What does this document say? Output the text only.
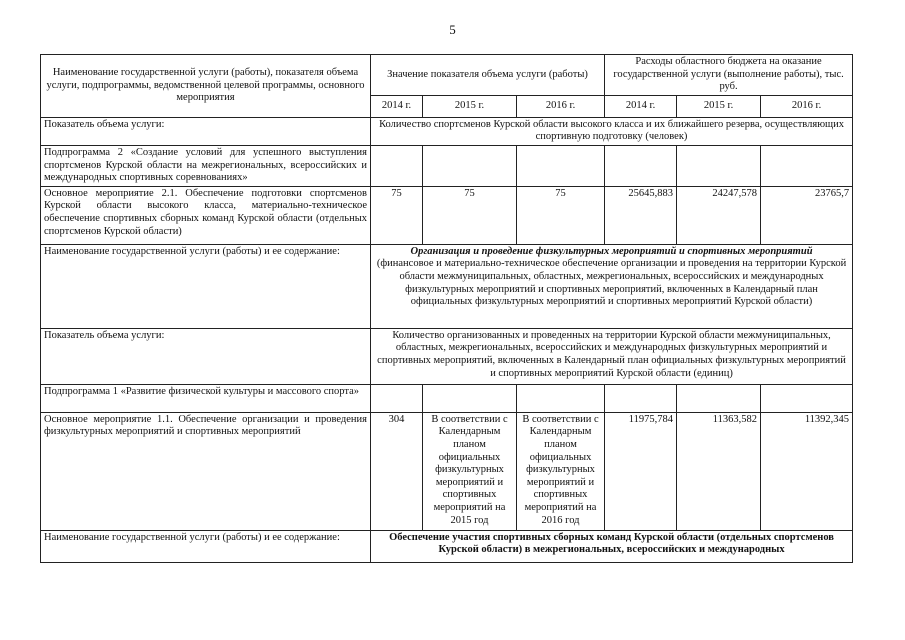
5
Наименование государственной услуги (работы), показателя объема услуги, подпрограммы, ведомственной целевой программы, основного мероприятия	Значение показателя объема услуги (работы)			Расходы областного бюджета на оказание государственной услуги (выполнение работы), тыс. руб.		
	2014 г.	2015 г.	2016 г.	2014 г.	2015 г.	2016 г.
Показатель объема услуги:	Количество спортсменов Курской области высокого класса и их ближайшего резерва, осуществляющих спортивную подготовку (человек)					
Подпрограмма 2 «Создание условий для успешного выступления спортсменов Курской области на межрегиональных, всероссийских и международных спортивных соревнованиях»						
Основное мероприятие 2.1. Обеспечение подготовки спортсменов Курской области высокого класса, материально-техническое обеспечение спортивных сборных команд Курской области (отдельных спортсменов Курской области)	75	75	75	25645,883	24247,578	23765,7
Наименование государственной услуги (работы) и ее содержание:	Организация и проведение физкультурных мероприятий и спортивных мероприятий
(финансовое и материально-техническое обеспечение организации и проведения на территории Курской области межмуниципальных, областных, межрегиональных, всероссийских и международных физкультурных мероприятий и спортивных мероприятий, включенных в Календарный план официальных физкультурных мероприятий и спортивных мероприятий Курской области)					
Показатель объема услуги:	Количество организованных и проведенных на территории Курской области межмуниципальных, областных, межрегиональных, всероссийских и международных физкультурных мероприятий и спортивных мероприятий, включенных в Календарный план официальных физкультурных мероприятий и спортивных мероприятий Курской области (единиц)					
Подпрограмма 1 «Развитие физической культуры и массового спорта»						
Основное мероприятие 1.1. Обеспечение организации и проведения физкультурных мероприятий и спортивных мероприятий	304	В соответствии с Календарным планом официальных физкультурных мероприятий и спортивных мероприятий на 2015 год	В соответствии с Календарным планом официальных физкультурных мероприятий и спортивных мероприятий на 2016 год	11975,784	11363,582	11392,345
Наименование государственной услуги (работы) и ее содержание:	Обеспечение участия спортивных сборных команд Курской области (отдельных спортсменов Курской области) в межрегиональных, всероссийских и международных					
